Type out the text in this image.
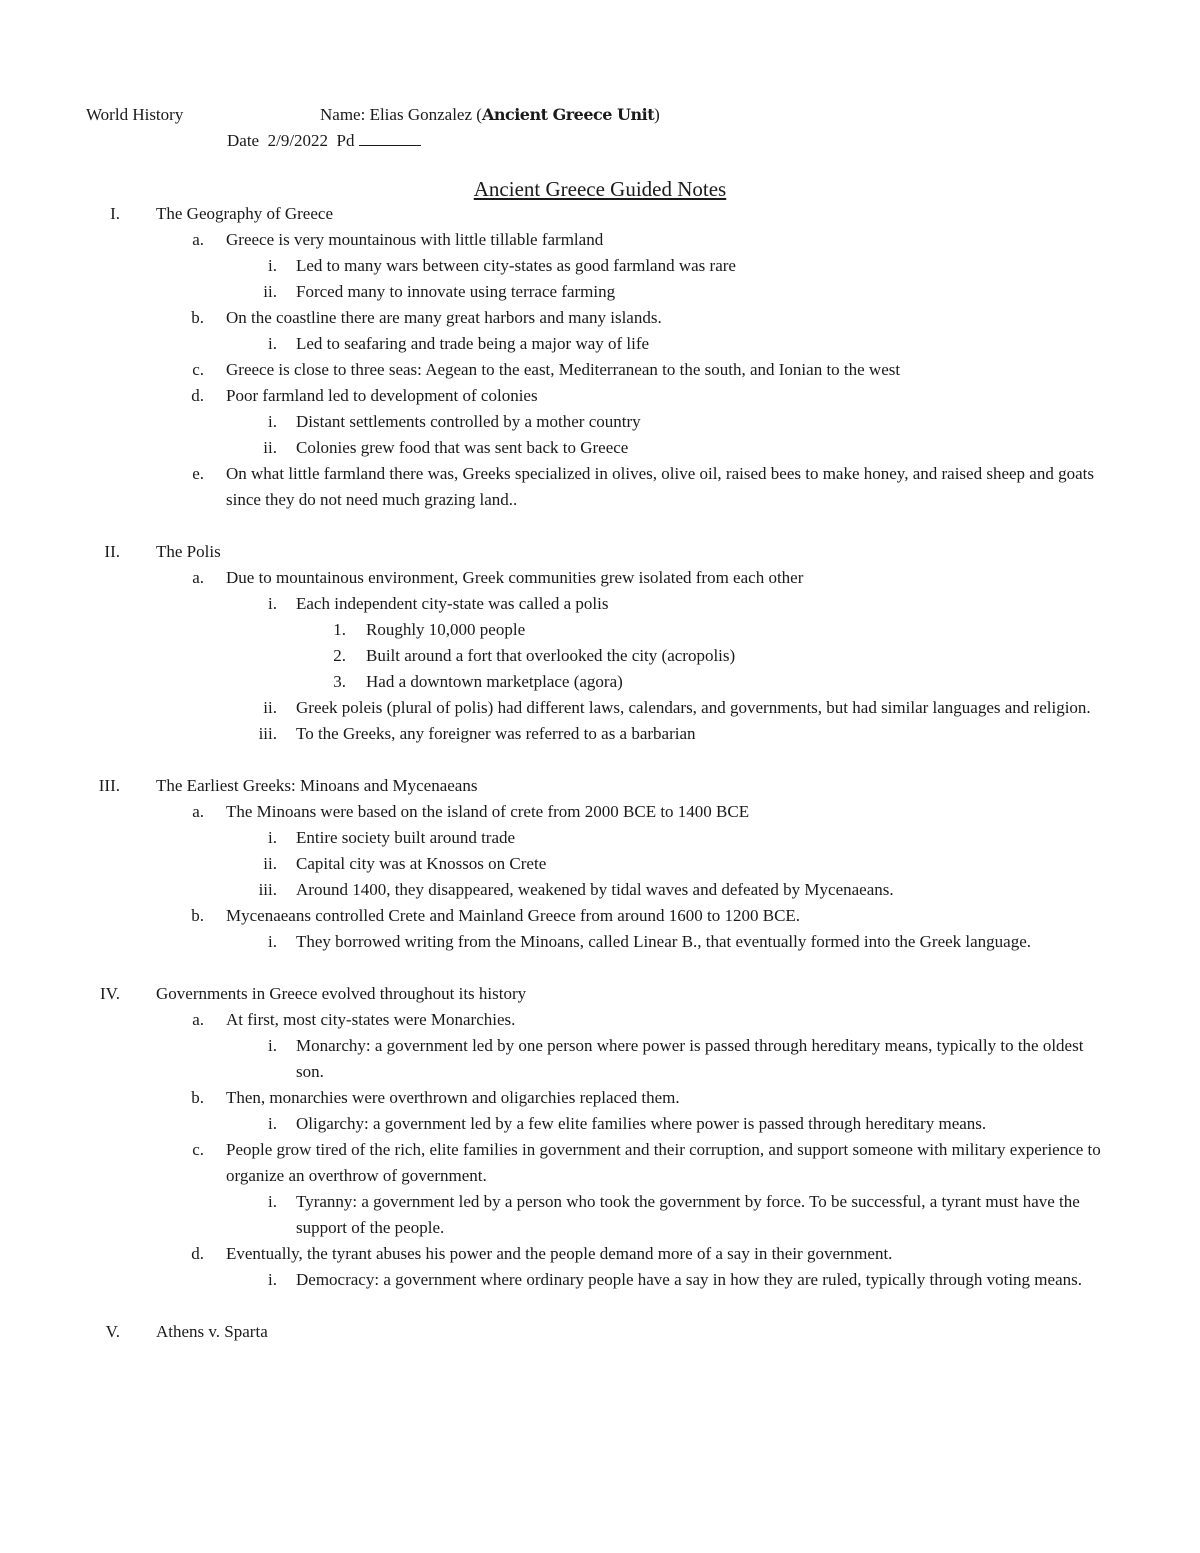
World History	Name: Elias Gonzalez (Ancient Greece Unit)
Date 2/9/2022 Pd
Ancient Greece Guided Notes
I. The Geography of Greece
a. Greece is very mountainous with little tillable farmland
i. Led to many wars between city-states as good farmland was rare
ii. Forced many to innovate using terrace farming
b. On the coastline there are many great harbors and many islands.
i. Led to seafaring and trade being a major way of life
c. Greece is close to three seas: Aegean to the east, Mediterranean to the south, and Ionian to the west
d. Poor farmland led to development of colonies
i. Distant settlements controlled by a mother country
ii. Colonies grew food that was sent back to Greece
e. On what little farmland there was, Greeks specialized in olives, olive oil, raised bees to make honey, and raised sheep and goats since they do not need much grazing land..
II. The Polis
a. Due to mountainous environment, Greek communities grew isolated from each other
i. Each independent city-state was called a polis
1. Roughly 10,000 people
2. Built around a fort that overlooked the city (acropolis)
3. Had a downtown marketplace (agora)
ii. Greek poleis (plural of polis) had different laws, calendars, and governments, but had similar languages and religion.
iii. To the Greeks, any foreigner was referred to as a barbarian
III. The Earliest Greeks: Minoans and Mycenaeans
a. The Minoans were based on the island of crete from 2000 BCE to 1400 BCE
i. Entire society built around trade
ii. Capital city was at Knossos on Crete
iii. Around 1400, they disappeared, weakened by tidal waves and defeated by Mycenaeans.
b. Mycenaeans controlled Crete and Mainland Greece from around 1600 to 1200 BCE.
i. They borrowed writing from the Minoans, called Linear B., that eventually formed into the Greek language.
IV. Governments in Greece evolved throughout its history
a. At first, most city-states were Monarchies.
i. Monarchy: a government led by one person where power is passed through hereditary means, typically to the oldest son.
b. Then, monarchies were overthrown and oligarchies replaced them.
i. Oligarchy: a government led by a few elite families where power is passed through hereditary means.
c. People grow tired of the rich, elite families in government and their corruption, and support someone with military experience to organize an overthrow of government.
i. Tyranny: a government led by a person who took the government by force. To be successful, a tyrant must have the support of the people.
d. Eventually, the tyrant abuses his power and the people demand more of a say in their government.
i. Democracy: a government where ordinary people have a say in how they are ruled, typically through voting means.
V. Athens v. Sparta
